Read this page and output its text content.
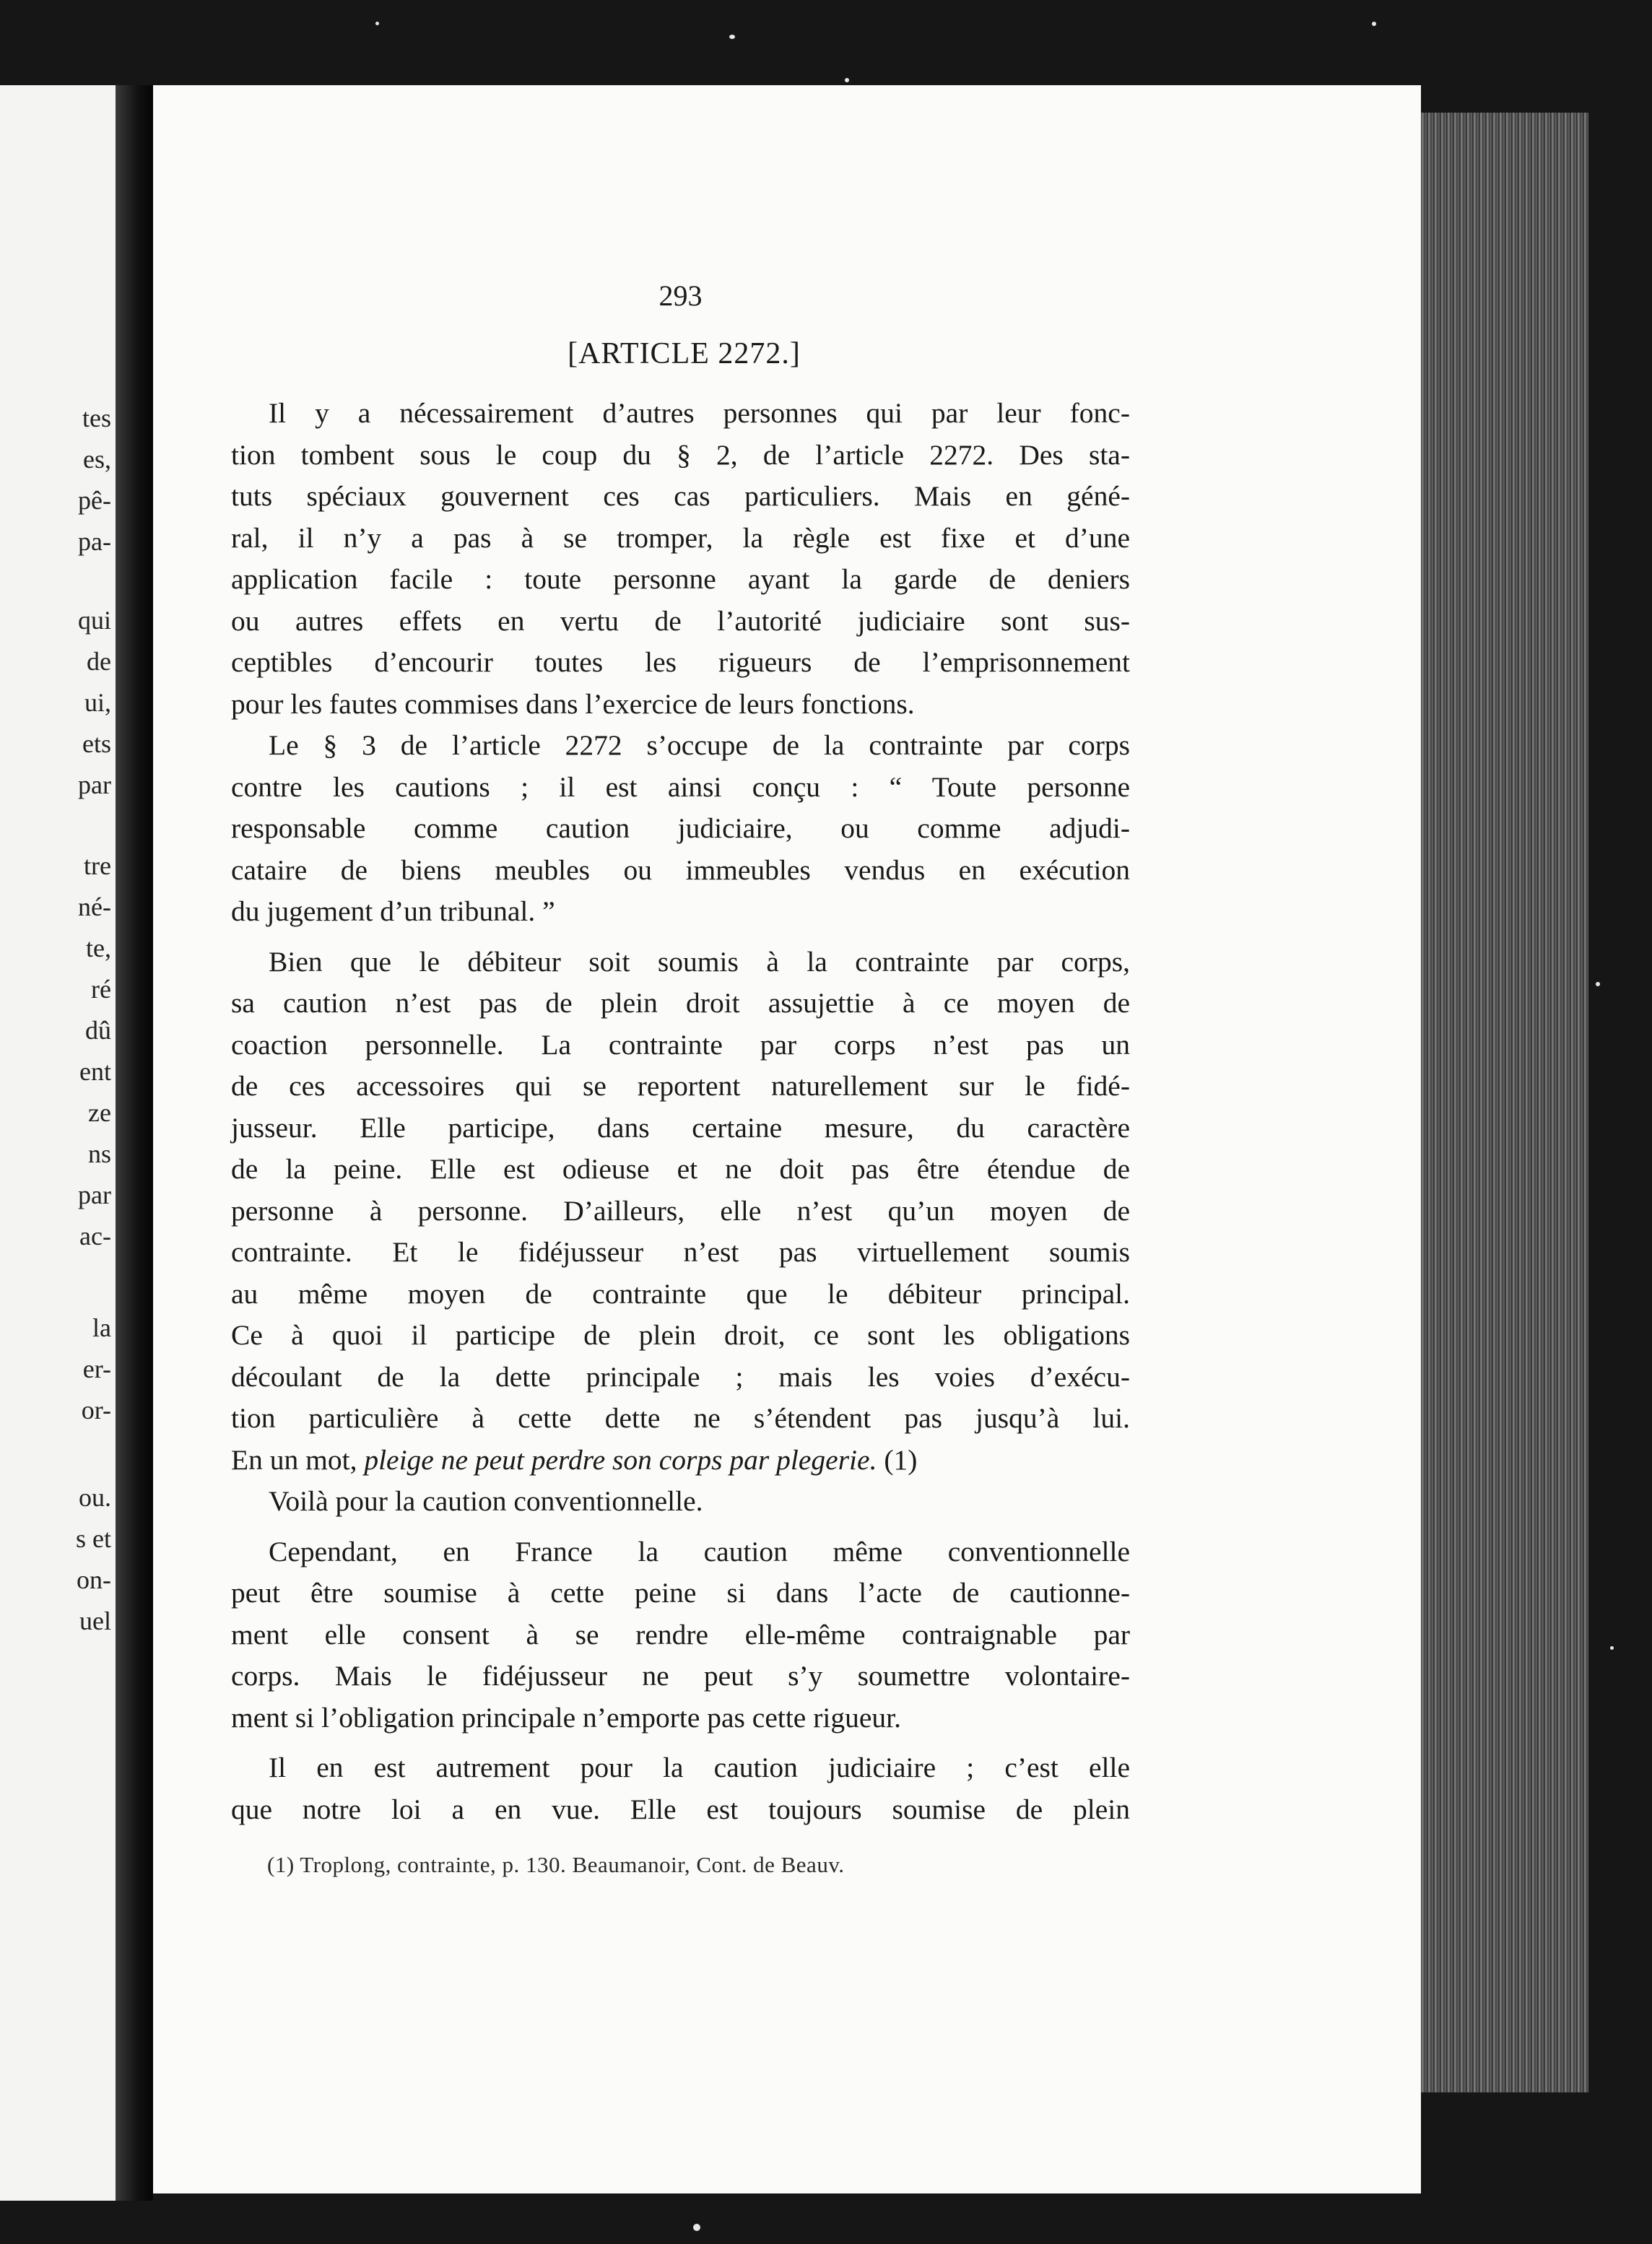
tes
es,
pê-
pa-
qui
de
ui,
ets
par
tre
né-
te,
ré
dû
ent
ze
ns
par
ac-
la
er-
or-
ou.
s et
on-
uel
293
[ARTICLE 2272.]
Il y a nécessairement d’autres personnes qui par leur fonc-
tion tombent sous le coup du § 2, de l’article 2272. Des sta-
tuts spéciaux gouvernent ces cas particuliers. Mais en géné-
ral, il n’y a pas à se tromper, la règle est fixe et d’une
application facile : toute personne ayant la garde de deniers
ou autres effets en vertu de l’autorité judiciaire sont sus-
ceptibles d’encourir toutes les rigueurs de l’emprisonnement
pour les fautes commises dans l’exercice de leurs fonctions.
Le § 3 de l’article 2272 s’occupe de la contrainte par corps
contre les cautions ; il est ainsi conçu : “ Toute personne
responsable comme caution judiciaire, ou comme adjudi-
cataire de biens meubles ou immeubles vendus en exécution
du jugement d’un tribunal. ”
Bien que le débiteur soit soumis à la contrainte par corps,
sa caution n’est pas de plein droit assujettie à ce moyen de
coaction personnelle. La contrainte par corps n’est pas un
de ces accessoires qui se reportent naturellement sur le fidé-
jusseur. Elle participe, dans certaine mesure, du caractère
de la peine. Elle est odieuse et ne doit pas être étendue de
personne à personne. D’ailleurs, elle n’est qu’un moyen de
contrainte. Et le fidéjusseur n’est pas virtuellement soumis
au même moyen de contrainte que le débiteur principal.
Ce à quoi il participe de plein droit, ce sont les obligations
découlant de la dette principale ; mais les voies d’exécu-
tion particulière à cette dette ne s’étendent pas jusqu’à lui.
En un mot, pleige ne peut perdre son corps par plegerie. (1)
Voilà pour la caution conventionnelle.
Cependant, en France la caution même conventionnelle
peut être soumise à cette peine si dans l’acte de cautionne-
ment elle consent à se rendre elle-même contraignable par
corps. Mais le fidéjusseur ne peut s’y soumettre volontaire-
ment si l’obligation principale n’emporte pas cette rigueur.
Il en est autrement pour la caution judiciaire ; c’est elle
que notre loi a en vue. Elle est toujours soumise de plein
(1) Troplong, contrainte, p. 130. Beaumanoir, Cont. de Beauv.
